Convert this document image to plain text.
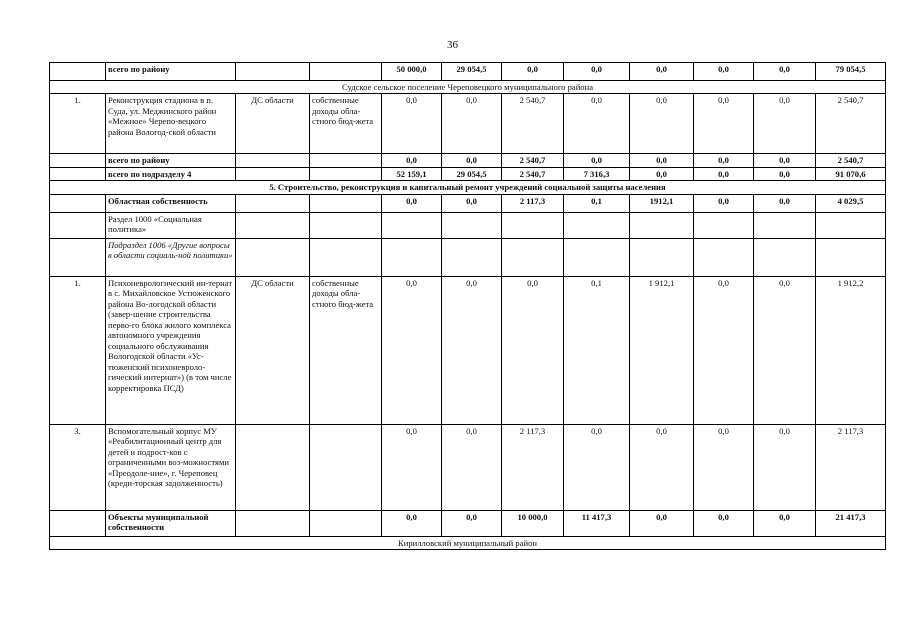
36
	всего по району			50 000,0	29 054,5	0,0	0,0	0,0	0,0	0,0	79 054,5
Судское сельское поселение Череповецкого муниципального района											
1.	Реконструкция стадиона в п. Суда, ул. Меджинского район «Межное» Черепо-вецкого района Вологод-ской области	ДС области	собственные доходы обла-стного бюд-жета	0,0	0,0	2 540,7	0,0	0,0	0,0	0,0	2 540,7
	всего по району			0,0	0,0	2 540,7	0,0	0,0	0,0	0,0	2 540,7
	всего по подразделу 4			52 159,1	29 054,5	2 540,7	7 316,3	0,0	0,0	0,0	91 070,6
5. Строительство, реконструкция и капитальный ремонт учреждений социальной защиты населения											
	Областная собственность			0,0	0,0	2 117,3	0,1	1912,1	0,0	0,0	4 029,5
	Раздел 1000 «Социальная политика»										
	Подраздел 1006 «Другие вопросы в области социаль-ной политики»										
1.	Психоневрологический ин-тернат в с. Михайловское Устюженского района Во-логодской области (завер-шение строительства перво-го блока жилого комплекса автономного учреждения социального обслуживания Вологодской области «Ус-тюженский психоневроло-гический интернат») (в том числе корректировка ПСД)	ДС области	собственные доходы обла-стного бюд-жета	0,0	0,0	0,0	0,1	1 912,1	0,0	0,0	1 912,2
3.	Вспомогательный корпус МУ «Реабилитационный центр для детей и подрост-ков с ограниченными воз-можностями «Преодоле-ние», г. Череповец (креди-торская задолженность)			0,0	0,0	2 117,3	0,0	0,0	0,0	0,0	2 117,3
	Объекты муниципальной собственности			0,0	0,0	10 000,0	11 417,3	0,0	0,0	0,0	21 417,3
Кирилловский муниципальный район											
